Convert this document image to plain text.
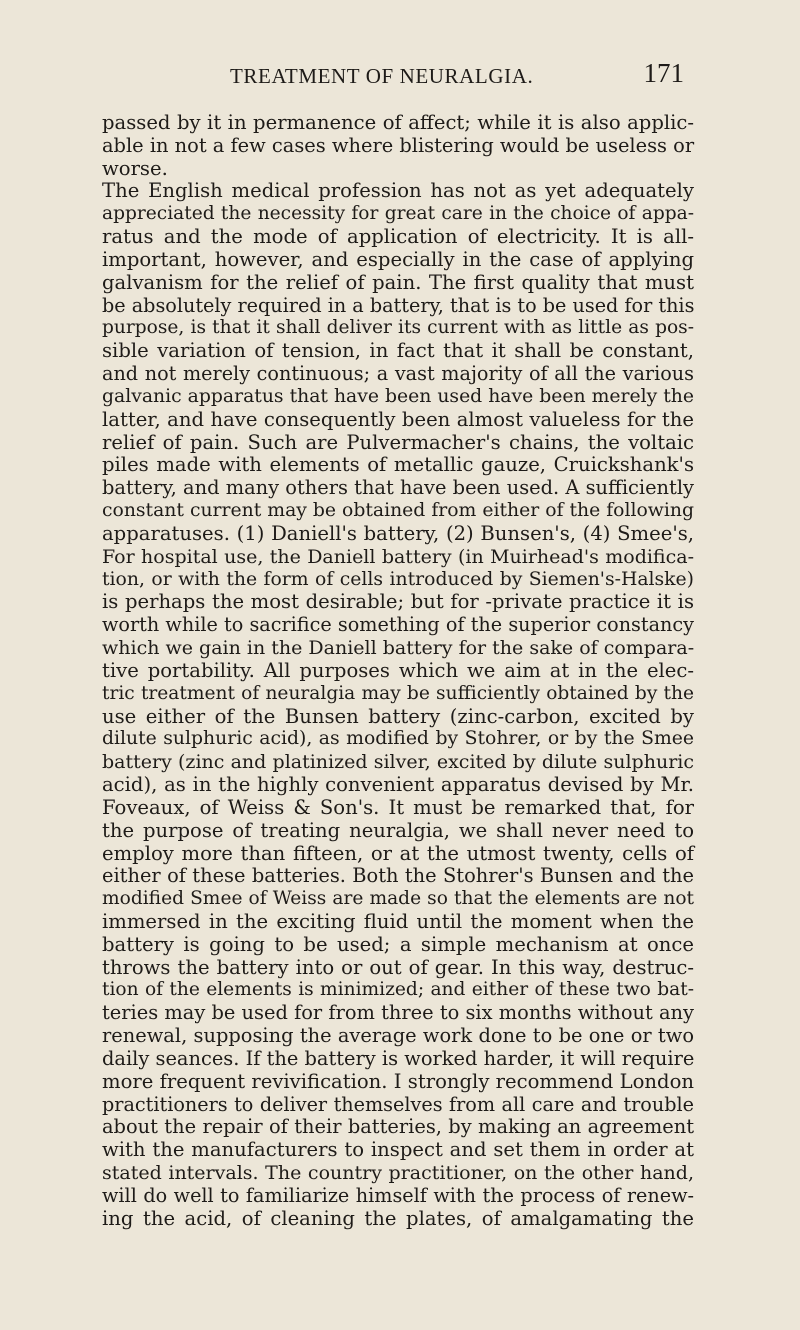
TREATMENT OF NEURALGIA.	171
passed by it in permanence of affect; while it is also applic-
able in not a few cases where blistering would be useless or
worse.
The English medical profession has not as yet adequately
appreciated the necessity for great care in the choice of appa-
ratus and the mode of application of electricity. It is all-
important, however, and especially in the case of applying
galvanism for the relief of pain. The first quality that must
be absolutely required in a battery, that is to be used for this
purpose, is that it shall deliver its current with as little as pos-
sible variation of tension, in fact that it shall be constant,
and not merely continuous; a vast majority of all the various
galvanic apparatus that have been used have been merely the
latter, and have consequently been almost valueless for the
relief of pain. Such are Pulvermacher's chains, the voltaic
piles made with elements of metallic gauze, Cruickshank's
battery, and many others that have been used. A sufficiently
constant current may be obtained from either of the following
apparatuses. (1) Daniell's battery, (2) Bunsen's, (4) Smee's,
For hospital use, the Daniell battery (in Muirhead's modifica-
tion, or with the form of cells introduced by Siemen's-Halske)
is perhaps the most desirable; but for -private practice it is
worth while to sacrifice something of the superior constancy
which we gain in the Daniell battery for the sake of compara-
tive portability. All purposes which we aim at in the elec-
tric treatment of neuralgia may be sufficiently obtained by the
use either of the Bunsen battery (zinc-carbon, excited by
dilute sulphuric acid), as modified by Stohrer, or by the Smee
battery (zinc and platinized silver, excited by dilute sulphuric
acid), as in the highly convenient apparatus devised by Mr.
Foveaux, of Weiss & Son's. It must be remarked that, for
the purpose of treating neuralgia, we shall never need to
employ more than fifteen, or at the utmost twenty, cells of
either of these batteries. Both the Stohrer's Bunsen and the
modified Smee of Weiss are made so that the elements are not
immersed in the exciting fluid until the moment when the
battery is going to be used; a simple mechanism at once
throws the battery into or out of gear. In this way, destruc-
tion of the elements is minimized; and either of these two bat-
teries may be used for from three to six months without any
renewal, supposing the average work done to be one or two
daily seances. If the battery is worked harder, it will require
more frequent revivification. I strongly recommend London
practitioners to deliver themselves from all care and trouble
about the repair of their batteries, by making an agreement
with the manufacturers to inspect and set them in order at
stated intervals. The country practitioner, on the other hand,
will do well to familiarize himself with the process of renew-
ing the acid, of cleaning the plates, of amalgamating the
